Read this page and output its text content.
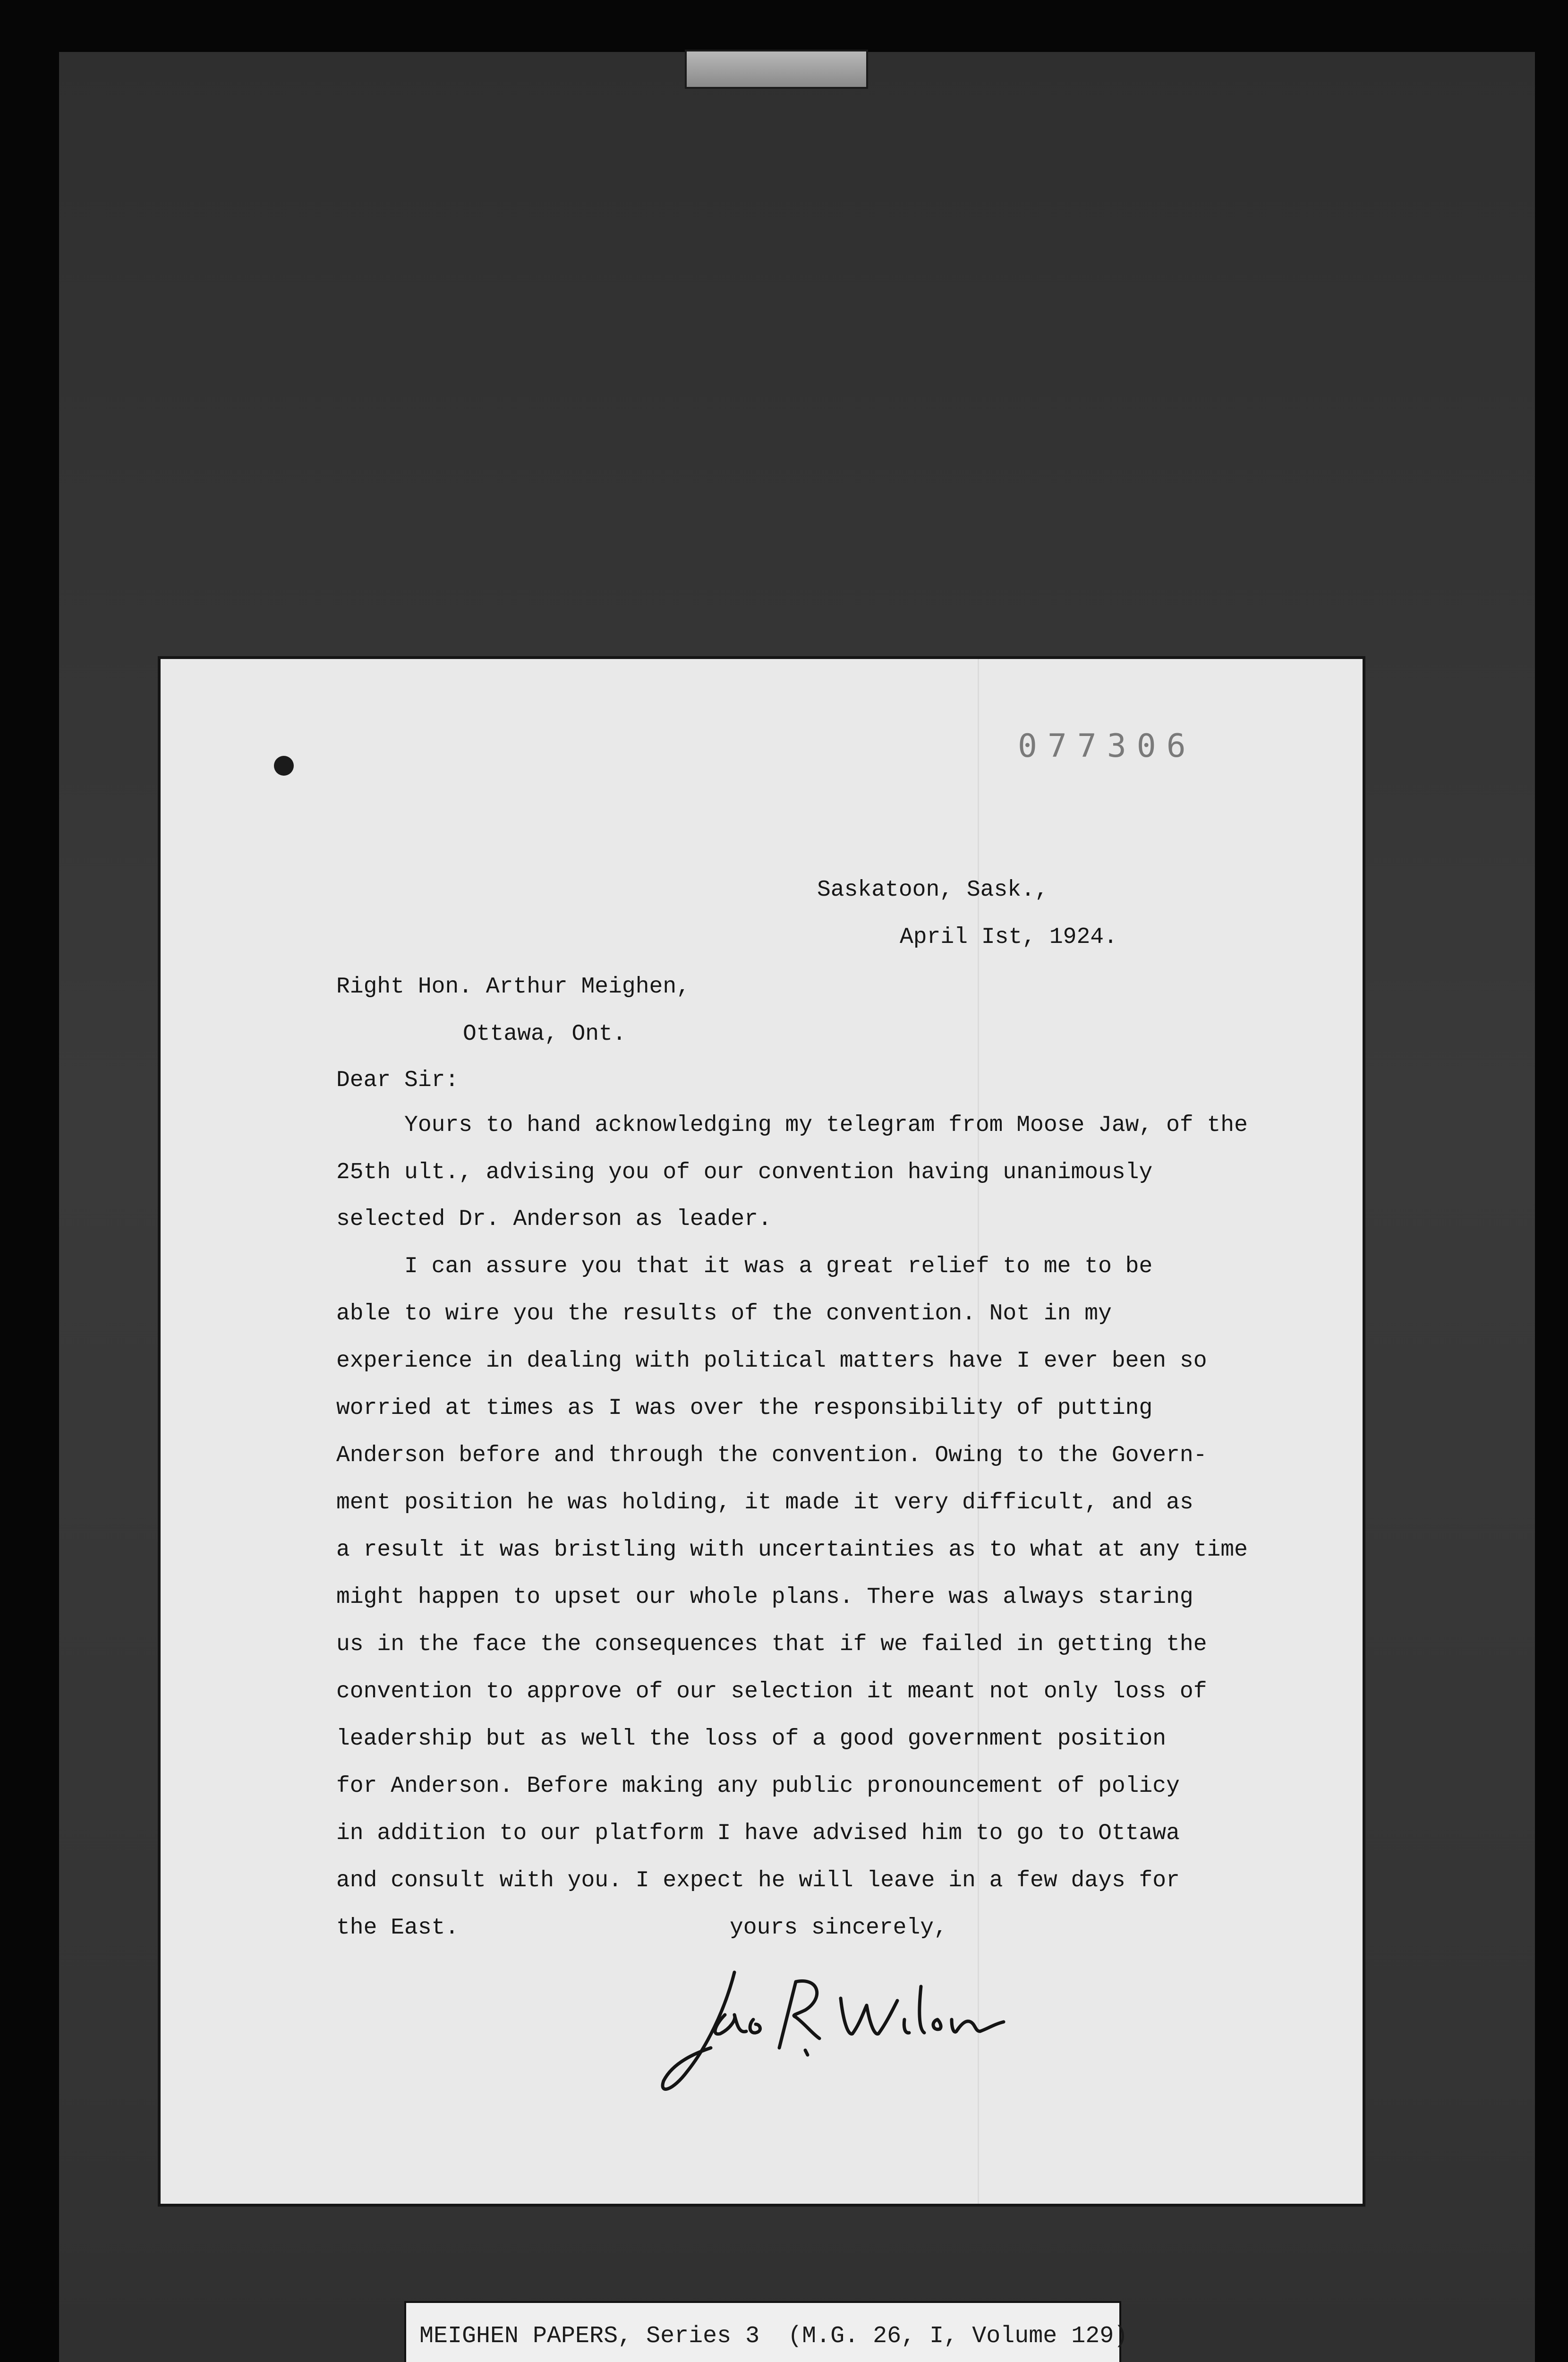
077306
Saskatoon, Sask.,
April Ist, 1924.
Right Hon. Arthur Meighen,
Ottawa, Ont.
Dear Sir:
Yours to hand acknowledging my telegram from Moose Jaw, of the
25th ult., advising you of our convention having unanimously
selected Dr. Anderson as leader.
I can assure you that it was a great relief to me to be
able to wire you the results of the convention. Not in my
experience in dealing with political matters have I ever been so
worried at times as I was over the responsibility of putting
Anderson before and through the convention. Owing to the Govern-
ment position he was holding, it made it very difficult, and as
a result it was bristling with uncertainties as to what at any time
might happen to upset our whole plans. There was always staring
us in the face the consequences that if we failed in getting the
convention to approve of our selection it meant not only loss of
leadership but as well the loss of a good government position
for Anderson. Before making any public pronouncement of policy
in addition to our platform I have advised him to go to Ottawa
and consult with you. I expect he will leave in a few days for
the East.	yours sincerely,
MEIGHEN PAPERS, Series 3  (M.G. 26, I, Volume 129)
